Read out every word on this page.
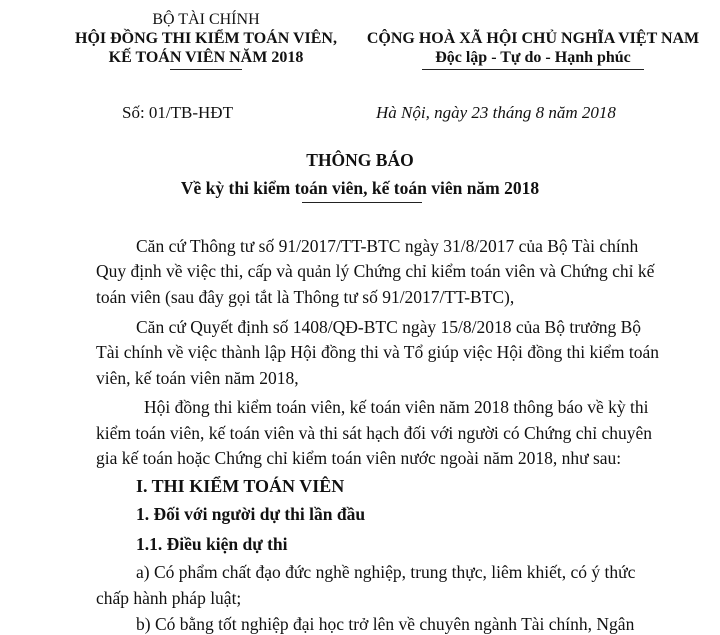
BỘ TÀI CHÍNH
HỘI ĐỒNG THI KIỂM TOÁN VIÊN,
KẾ TOÁN VIÊN NĂM 2018
Số: 01/TB-HĐT
CỘNG HOÀ XÃ HỘI CHỦ NGHĨA VIỆT NAM
Độc lập - Tự do - Hạnh phúc
Hà Nội, ngày 23 tháng 8 năm 2018
THÔNG BÁO
Về kỳ thi kiểm toán viên, kế toán viên năm 2018
Căn cứ Thông tư số 91/2017/TT-BTC ngày 31/8/2017 của Bộ Tài chính
Quy định về việc thi, cấp và quản lý Chứng chỉ kiểm toán viên và Chứng chỉ kế
toán viên (sau đây gọi tắt là Thông tư số 91/2017/TT-BTC),
Căn cứ Quyết định số 1408/QĐ-BTC ngày 15/8/2018 của Bộ trưởng Bộ
Tài chính về việc thành lập Hội đồng thi và Tổ giúp việc Hội đồng thi kiểm toán
viên, kế toán viên năm 2018,
Hội đồng thi kiểm toán viên, kế toán viên năm 2018 thông báo về kỳ thi
kiểm toán viên, kế toán viên và thi sát hạch đối với người có Chứng chỉ chuyên
gia kế toán hoặc Chứng chỉ kiểm toán viên nước ngoài năm 2018, như sau:
I. THI KIỂM TOÁN VIÊN
1. Đối với người dự thi lần đầu
1.1. Điều kiện dự thi
a) Có phẩm chất đạo đức nghề nghiệp, trung thực, liêm khiết, có ý thức
chấp hành pháp luật;
b) Có bằng tốt nghiệp đại học trở lên về chuyên ngành Tài chính, Ngân
